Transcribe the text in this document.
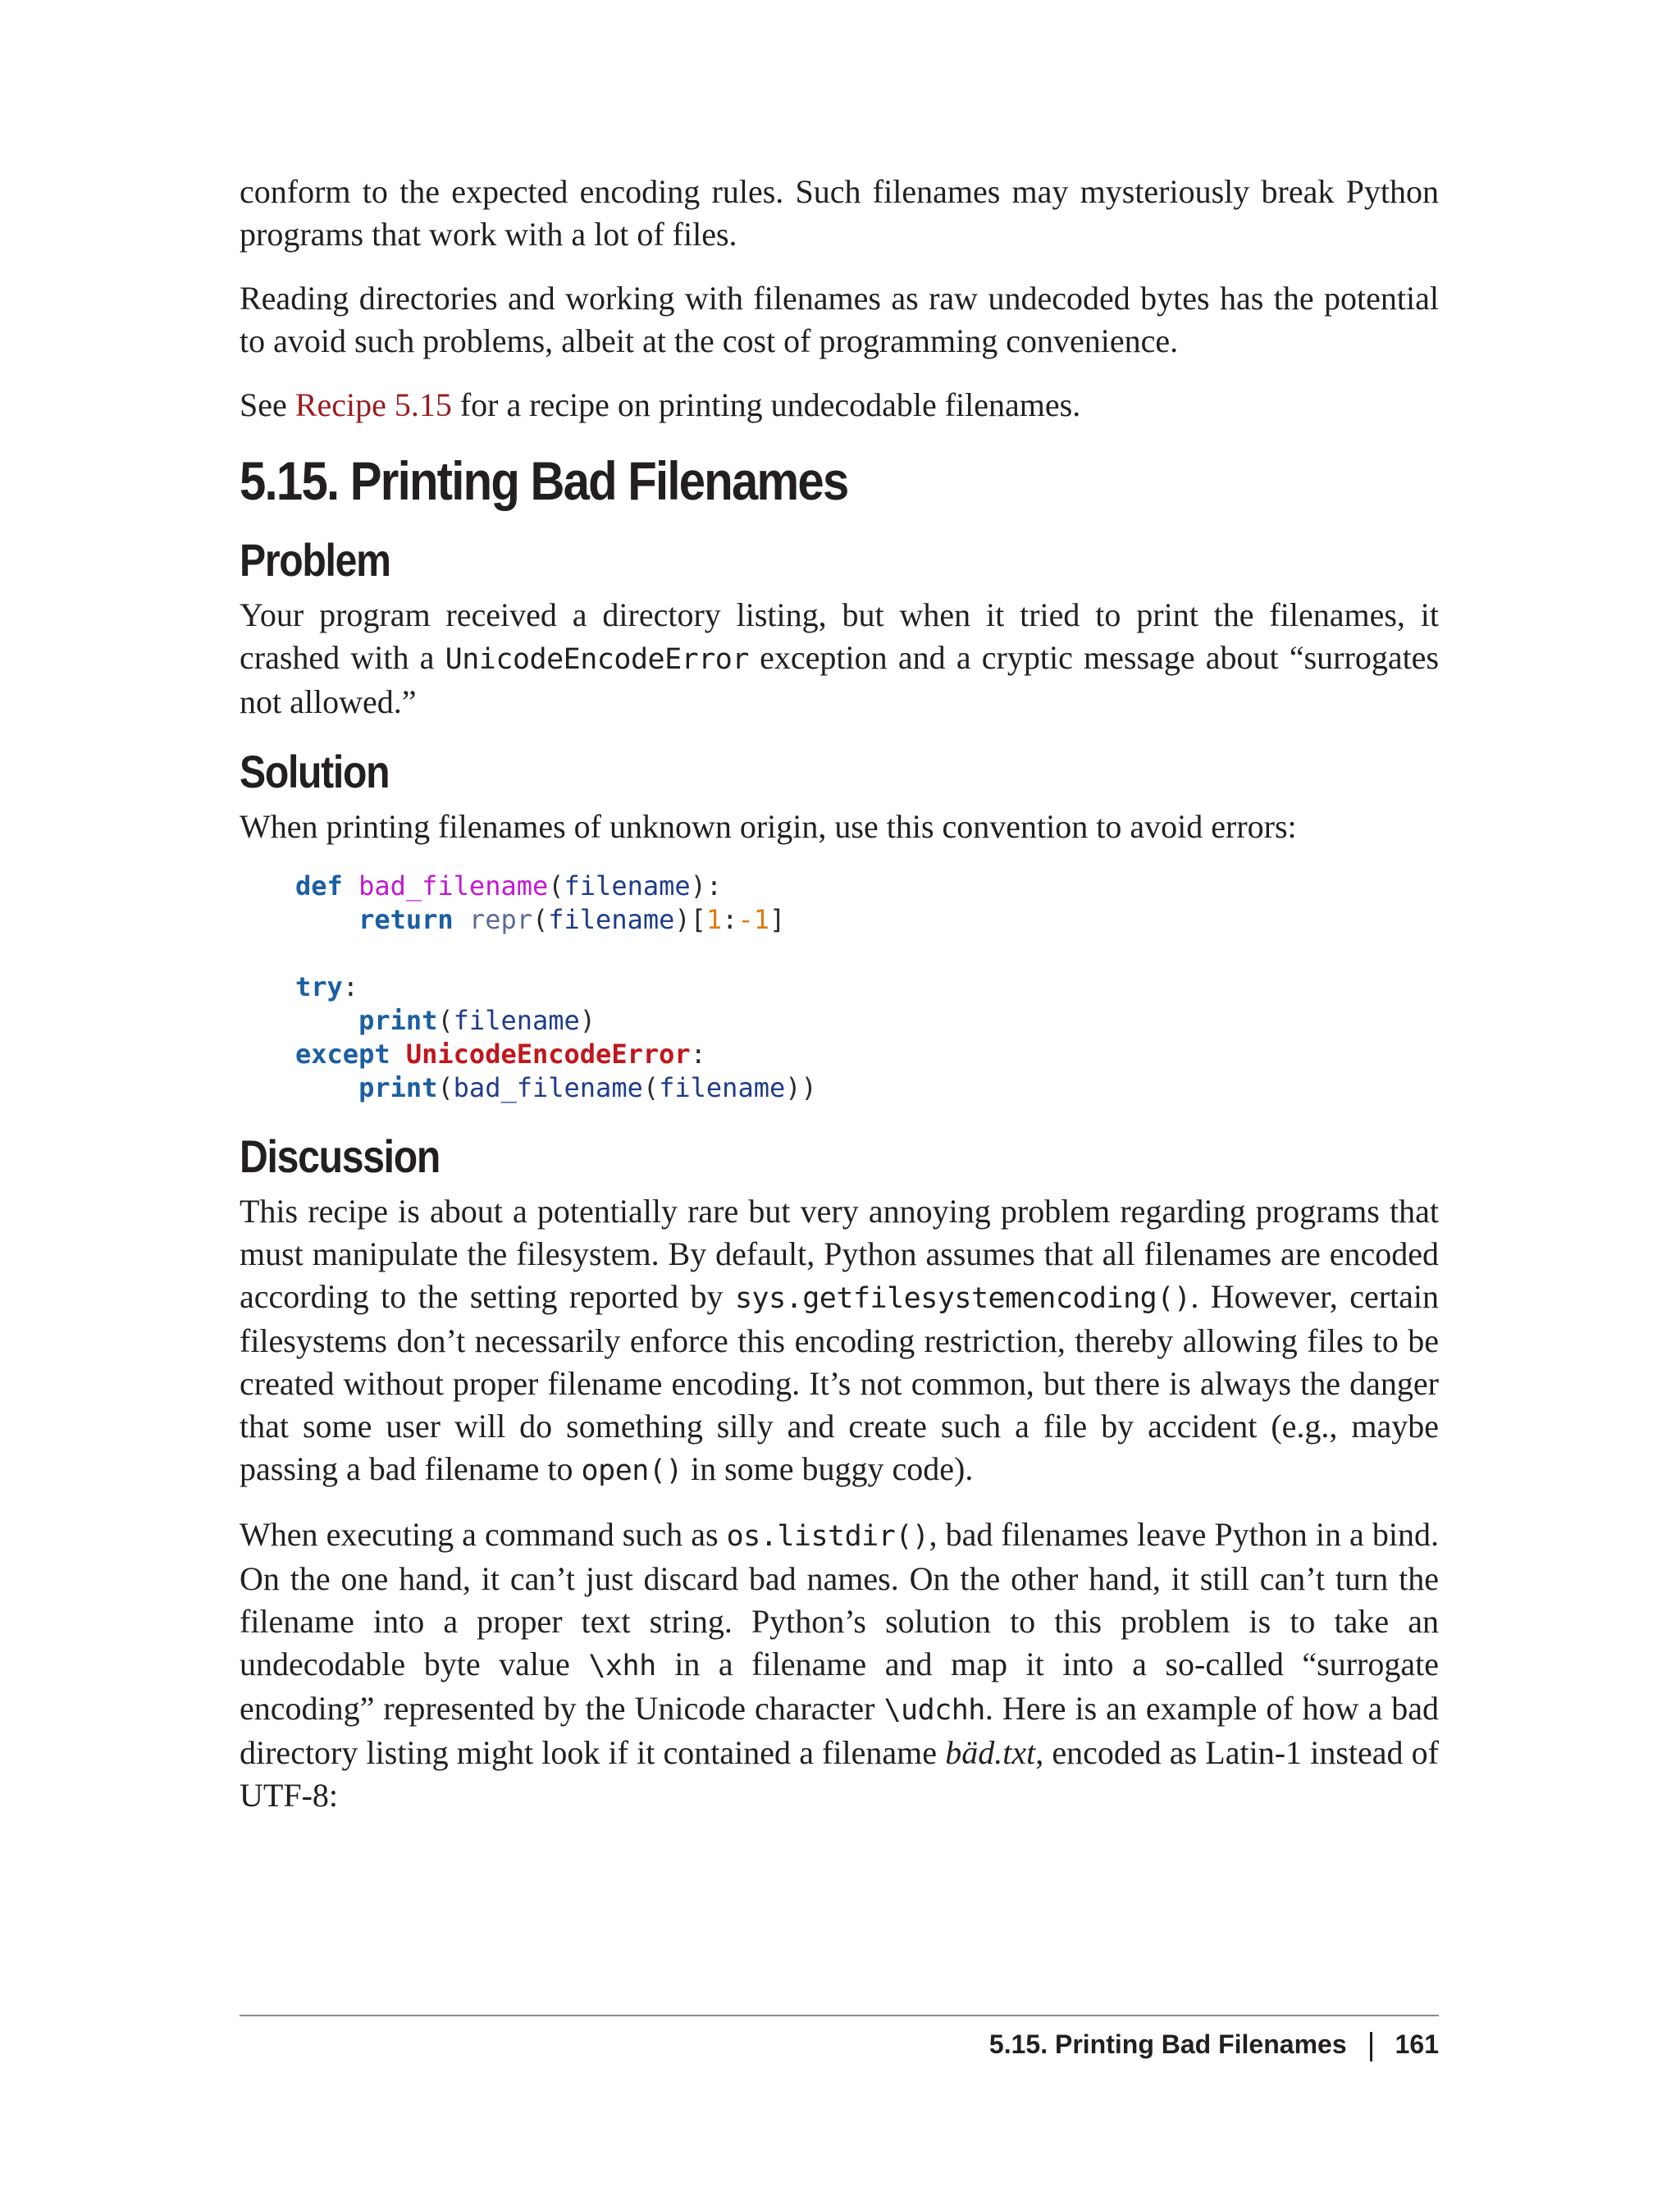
conform to the expected encoding rules. Such filenames may mysteriously break Python programs that work with a lot of files.

Reading directories and working with filenames as raw undecoded bytes has the potential to avoid such problems, albeit at the cost of programming convenience.

See Recipe 5.15 for a recipe on printing undecodable filenames.

5.15. Printing Bad Filenames
Problem

Your program received a directory listing, but when it tried to print the filenames, it crashed with a UnicodeEncodeError exception and a cryptic message about “surrogates not allowed.”

Solution

When printing filenames of unknown origin, use this convention to avoid errors:

def bad_filename(filename):
return repr(filename)[1:-1]

try:
print(filename)
except UnicodeEncodeError:
print(bad_filename(filename))
Discussion

This recipe is about a potentially rare but very annoying problem regarding programs that must manipulate the filesystem. By default, Python assumes that all filenames are encoded according to the setting reported by sys.getfilesystemencoding(). However, certain filesystems don’t necessarily enforce this encoding restriction, thereby allowing files to be created without proper filename encoding. It’s not common, but there is always the danger that some user will do something silly and create such a file by accident (e.g., maybe passing a bad filename to open() in some buggy code).

When executing a command such as os.listdir(), bad filenames leave Python in a bind. On the one hand, it can’t just discard bad names. On the other hand, it still can’t turn the filename into a proper text string. Python’s solution to this problem is to take an undecodable byte value \xhh in a filename and map it into a so-called “surrogate encoding” represented by the Unicode character \udchh. Here is an example of how a bad directory listing might look if it contained a filename bäd.txt, encoded as Latin-1 instead of UTF-8:

5.15. Printing Bad Filenames 161
